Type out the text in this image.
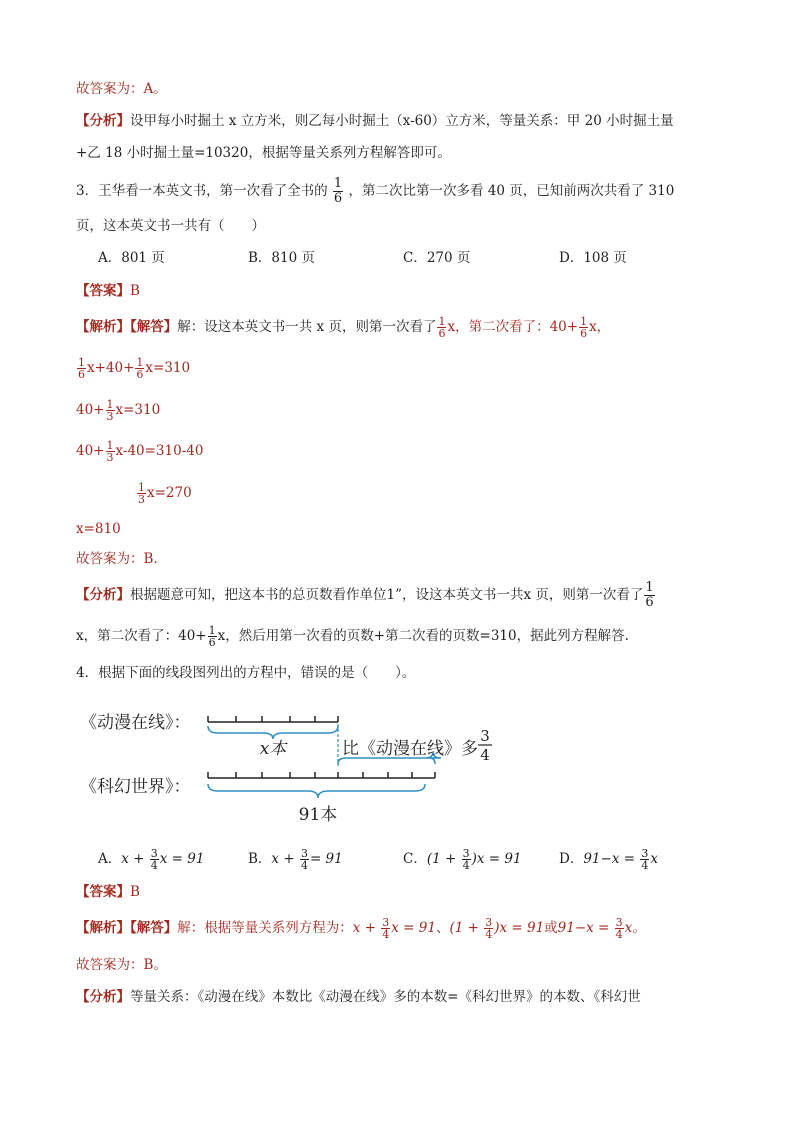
故答案为：A。
【分析】设甲每小时掘土 x 立方米，则乙每小时掘土（x-60）立方米，等量关系：甲 20 小时掘土量
+乙 18 小时掘土量=10320，根据等量关系列方程解答即可。
3．王华看一本英文书，第一次看了全书的 $\frac{1}{6}$ ，第二次比第一次多看 40 页，已知前两次共看了 310
页，这本英文书一共有（　　）
A．801 页	B．810 页	C．270 页	D．108 页
【答案】B
【解析】【解答】解：设这本英文书一共 x 页，则第一次看了 $\frac{1}{6}$ x，第二次看了：$40+ \frac{1}{6}$ x，
$\frac{1}{6} x+40+ \frac{1}{6} x=310$
$40+ \frac{1}{3} x=310$
$40+ \frac{1}{3} x-40=310-40$
$\frac{1}{3} x=270$
x=810
故答案为：B.
【分析】根据题意可知，把这本书的总页数看作单位1”，设这本英文书一共x 页，则第一次看了 $\frac{1}{6}$
x，第二次看了：$40+ \frac{1}{6}$ x，然后用第一次看的页数+第二次看的页数=310，据此列方程解答.
4．根据下面的线段图列出的方程中，错误的是（　　）。
《动漫在线》：
x本	比《动漫在线》多
3
4
《科幻世界》：
91本
A．$x + \frac{3}{4}$ x = 91	B．$x + \frac{3}{4} = 91$	C．$(1 + \frac{3}{4} )x = 91$	D．$91-x = \frac{3}{4}$ x
【答案】B
【解析】【解答】解：根据等量关系列方程为：$x + \frac{3}{4}$ x = 91、$(1 + \frac{3}{4} )x = 91$或$91-x = \frac{3}{4}$ x。
故答案为：B。
【分析】等量关系：《动漫在线》本数比《动漫在线》多的本数=《科幻世界》的本数、《科幻世
